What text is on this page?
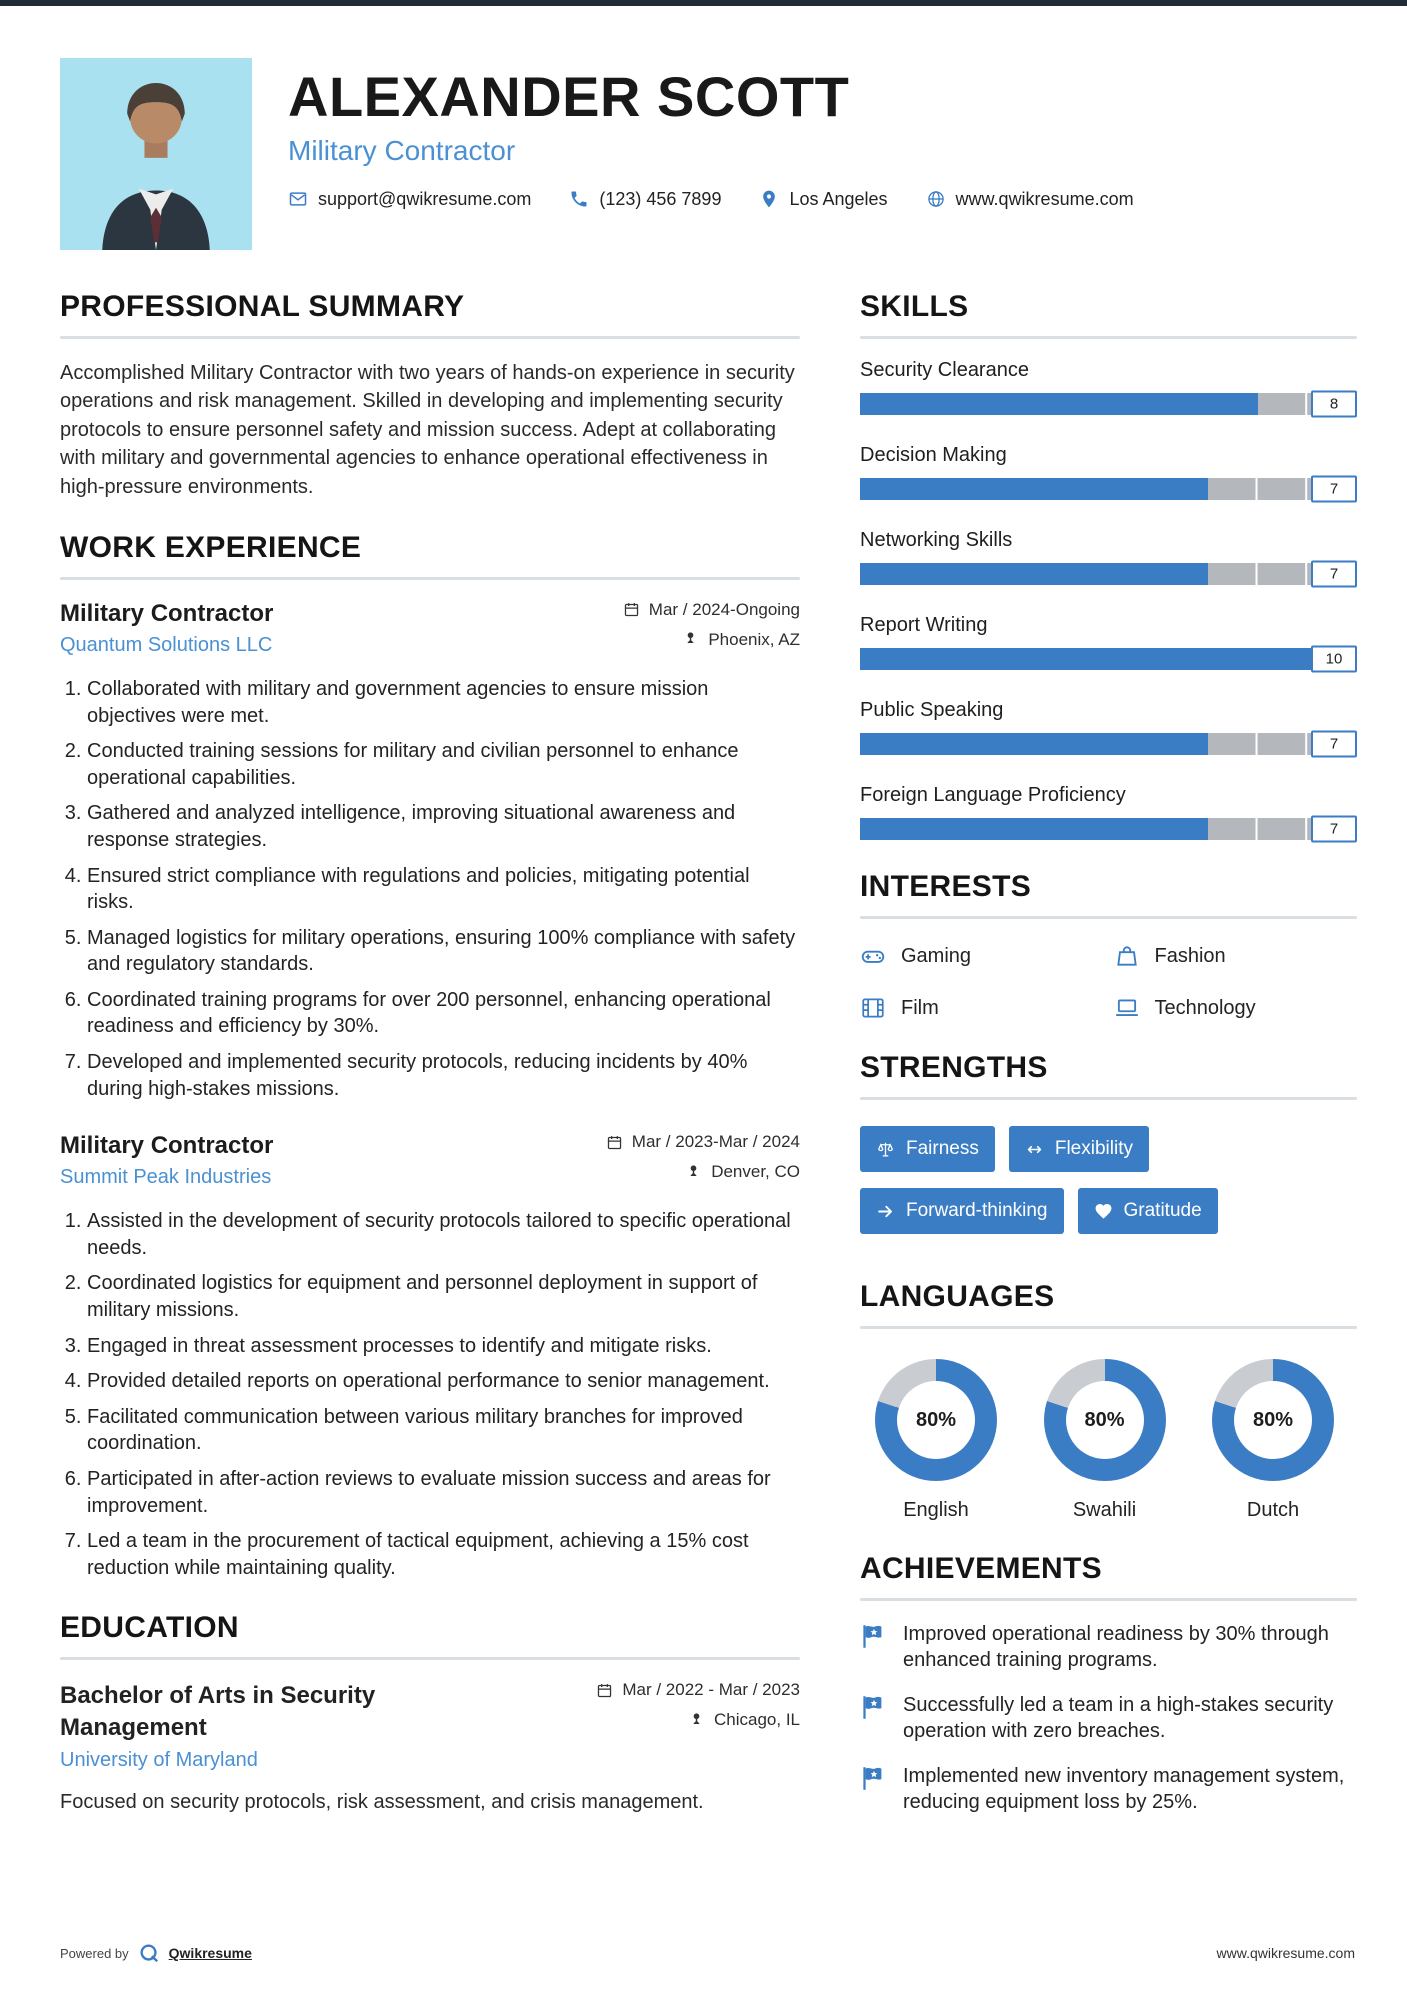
ALEXANDER SCOTT
Military Contractor
support@qwikresume.com	(123) 456 7899	Los Angeles	www.qwikresume.com
PROFESSIONAL SUMMARY

Accomplished Military Contractor with two years of hands-on experience in security operations and risk management. Skilled in developing and implementing security protocols to ensure personnel safety and mission success. Adept at collaborating with military and governmental agencies to enhance operational effectiveness in high-pressure environments.

WORK EXPERIENCE
Military Contractor
Quantum Solutions LLC
Mar / 2024-Ongoing
Phoenix, AZ
1. Collaborated with military and government agencies to ensure mission objectives were met.
2. Conducted training sessions for military and civilian personnel to enhance operational capabilities.
3. Gathered and analyzed intelligence, improving situational awareness and response strategies.
4. Ensured strict compliance with regulations and policies, mitigating potential risks.
5. Managed logistics for military operations, ensuring 100% compliance with safety and regulatory standards.
6. Coordinated training programs for over 200 personnel, enhancing operational readiness and efficiency by 30%.
7. Developed and implemented security protocols, reducing incidents by 40% during high-stakes missions.
Military Contractor
Summit Peak Industries
Mar / 2023-Mar / 2024
Denver, CO
1. Assisted in the development of security protocols tailored to specific operational needs.
2. Coordinated logistics for equipment and personnel deployment in support of military missions.
3. Engaged in threat assessment processes to identify and mitigate risks.
4. Provided detailed reports on operational performance to senior management.
5. Facilitated communication between various military branches for improved coordination.
6. Participated in after-action reviews to evaluate mission success and areas for improvement.
7. Led a team in the procurement of tactical equipment, achieving a 15% cost reduction while maintaining quality.
EDUCATION
Bachelor of Arts in Security Management
University of Maryland
Mar / 2022 - Mar / 2023
Chicago, IL

Focused on security protocols, risk assessment, and crisis management.

SKILLS
Security Clearance
8
Decision Making
7
Networking Skills
7
Report Writing
10
Public Speaking
7
Foreign Language Proficiency
7
INTERESTS
Gaming	Fashion
Film	Technology
STRENGTHS
Fairness	Flexibility
Forward-thinking	Gratitude
LANGUAGES
80%
English
80%
Swahili
80%
Dutch
ACHIEVEMENTS
Improved operational readiness by 30% through enhanced training programs.
Successfully led a team in a high-stakes security operation with zero breaches.
Implemented new inventory management system, reducing equipment loss by 25%.
Powered by	Qwikresume	www.qwikresume.com
